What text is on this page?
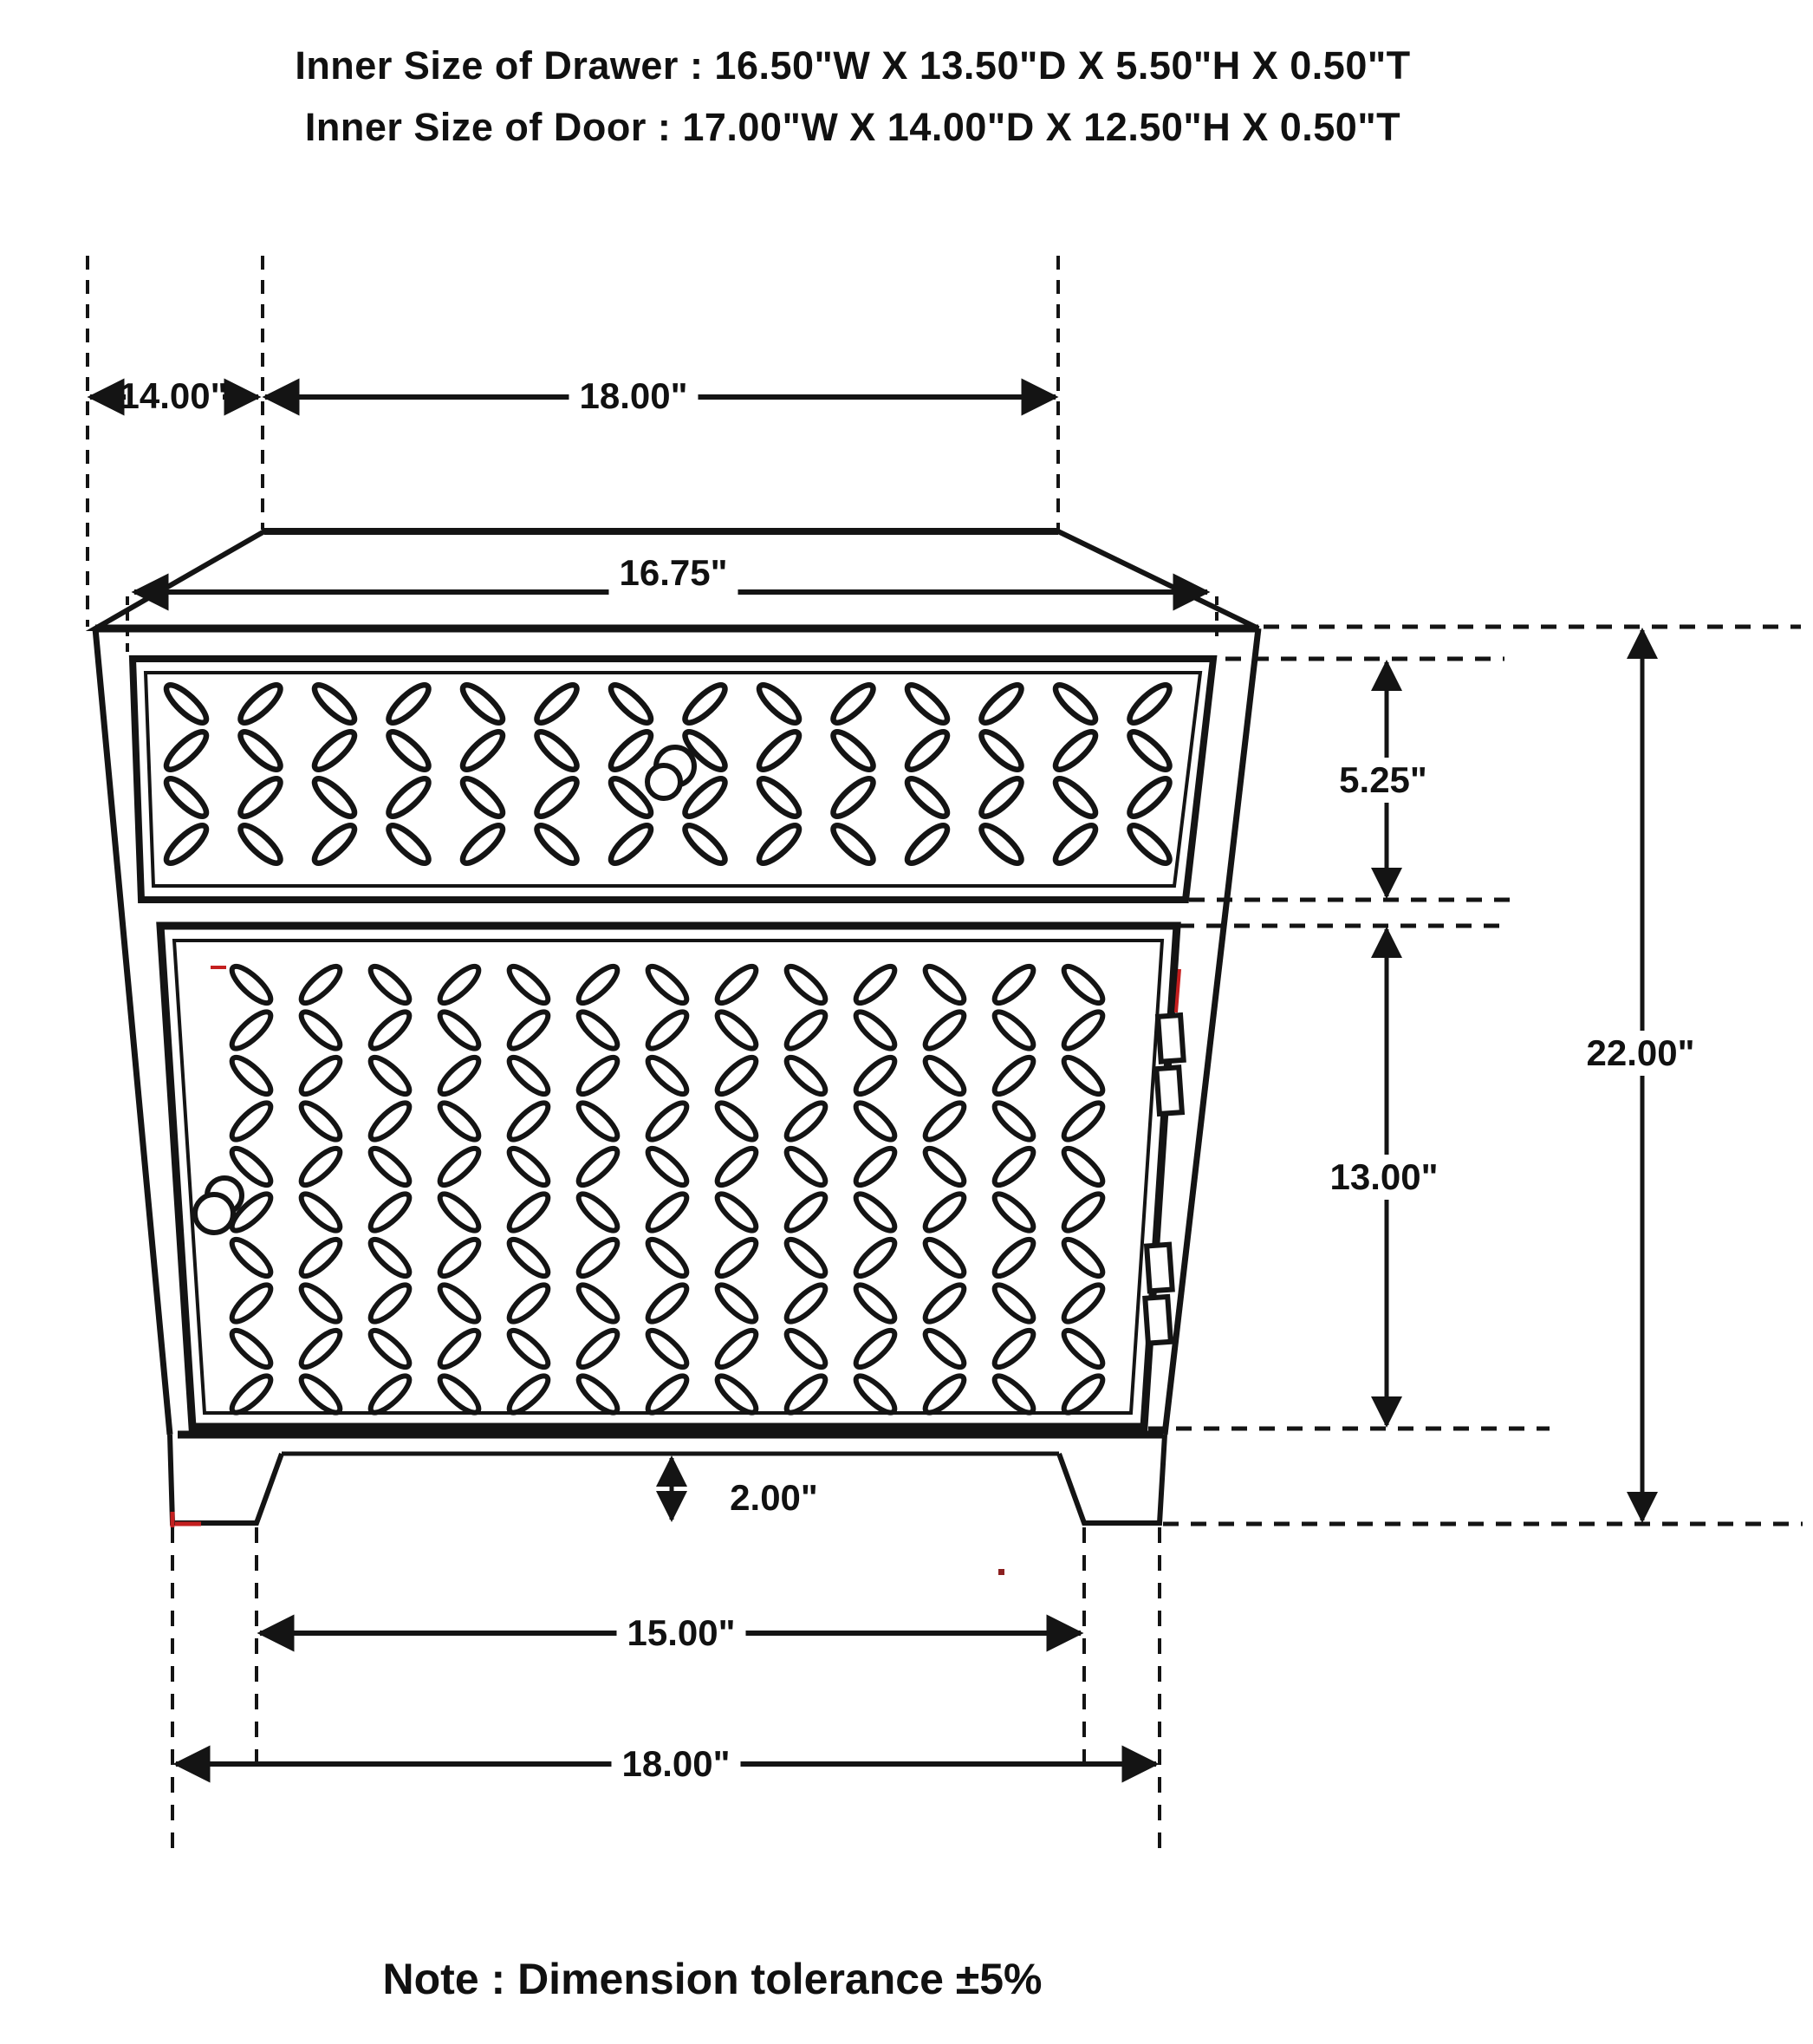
Inner Size of Drawer : 16.50"W X 13.50"D X 5.50"H X 0.50"T
Inner Size of Door : 17.00"W X 14.00"D X 12.50"H X 0.50"T
14.00"	18.00"
16.75"
5.25"
13.00"
22.00"
2.00"
15.00"
18.00"
Note : Dimension tolerance ±5%
